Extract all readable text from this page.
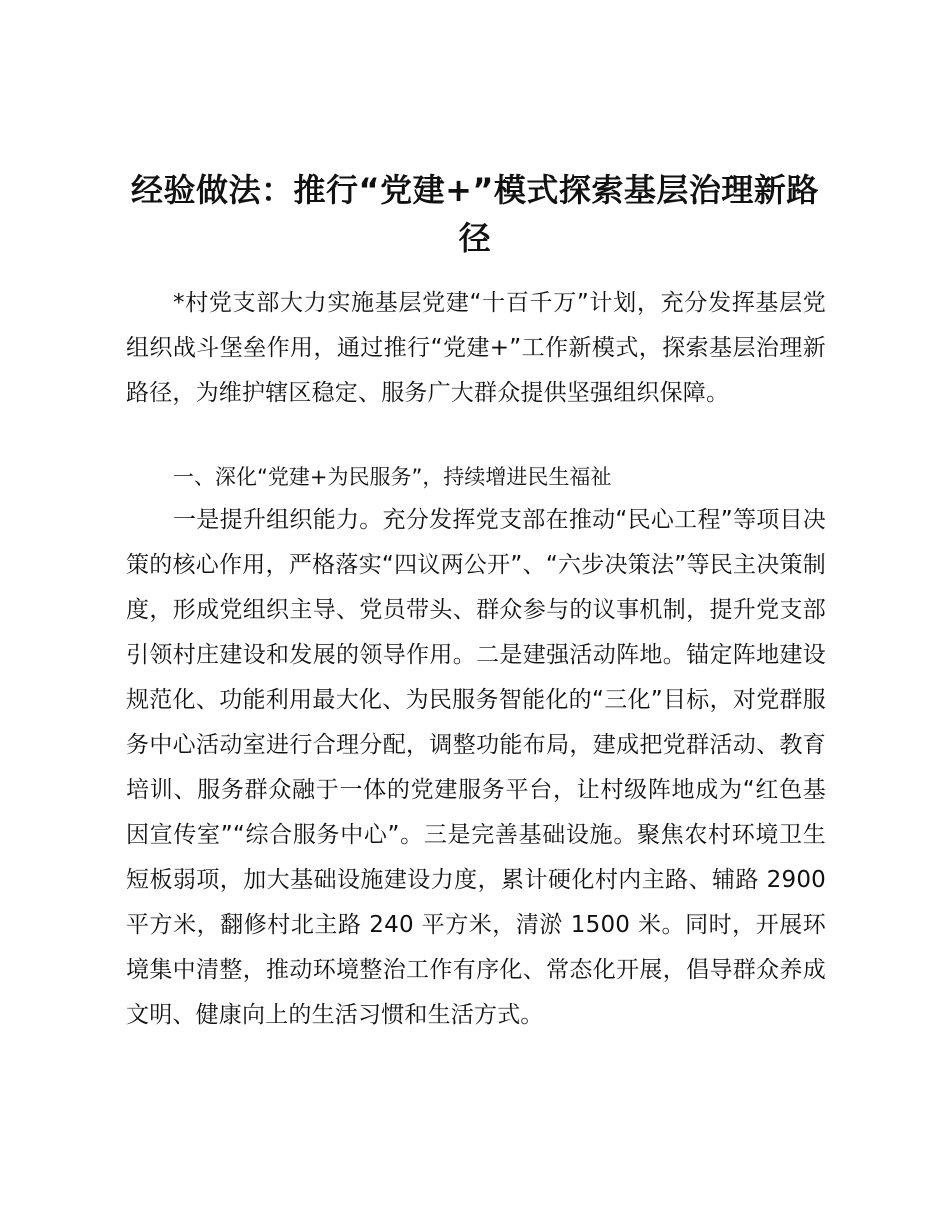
经验做法：推行“党建+”模式探索基层治理新路径
*村党支部大力实施基层党建“十百千万”计划，充分发挥基层党组织战斗堡垒作用，通过推行“党建+”工作新模式，探索基层治理新路径，为维护辖区稳定、服务广大群众提供坚强组织保障。
一、深化“党建+为民服务”，持续增进民生福祉
一是提升组织能力。充分发挥党支部在推动“民心工程”等项目决策的核心作用，严格落实“四议两公开”、“六步决策法”等民主决策制度，形成党组织主导、党员带头、群众参与的议事机制，提升党支部引领村庄建设和发展的领导作用。二是建强活动阵地。锚定阵地建设规范化、功能利用最大化、为民服务智能化的“三化”目标，对党群服务中心活动室进行合理分配，调整功能布局，建成把党群活动、教育培训、服务群众融于一体的党建服务平台，让村级阵地成为“红色基因宣传室”“综合服务中心”。三是完善基础设施。聚焦农村环境卫生短板弱项，加大基础设施建设力度，累计硬化村内主路、辅路 2900 平方米，翻修村北主路 240 平方米，清淤 1500 米。同时，开展环境集中清整，推动环境整治工作有序化、常态化开展，倡导群众养成文明、健康向上的生活习惯和生活方式。
